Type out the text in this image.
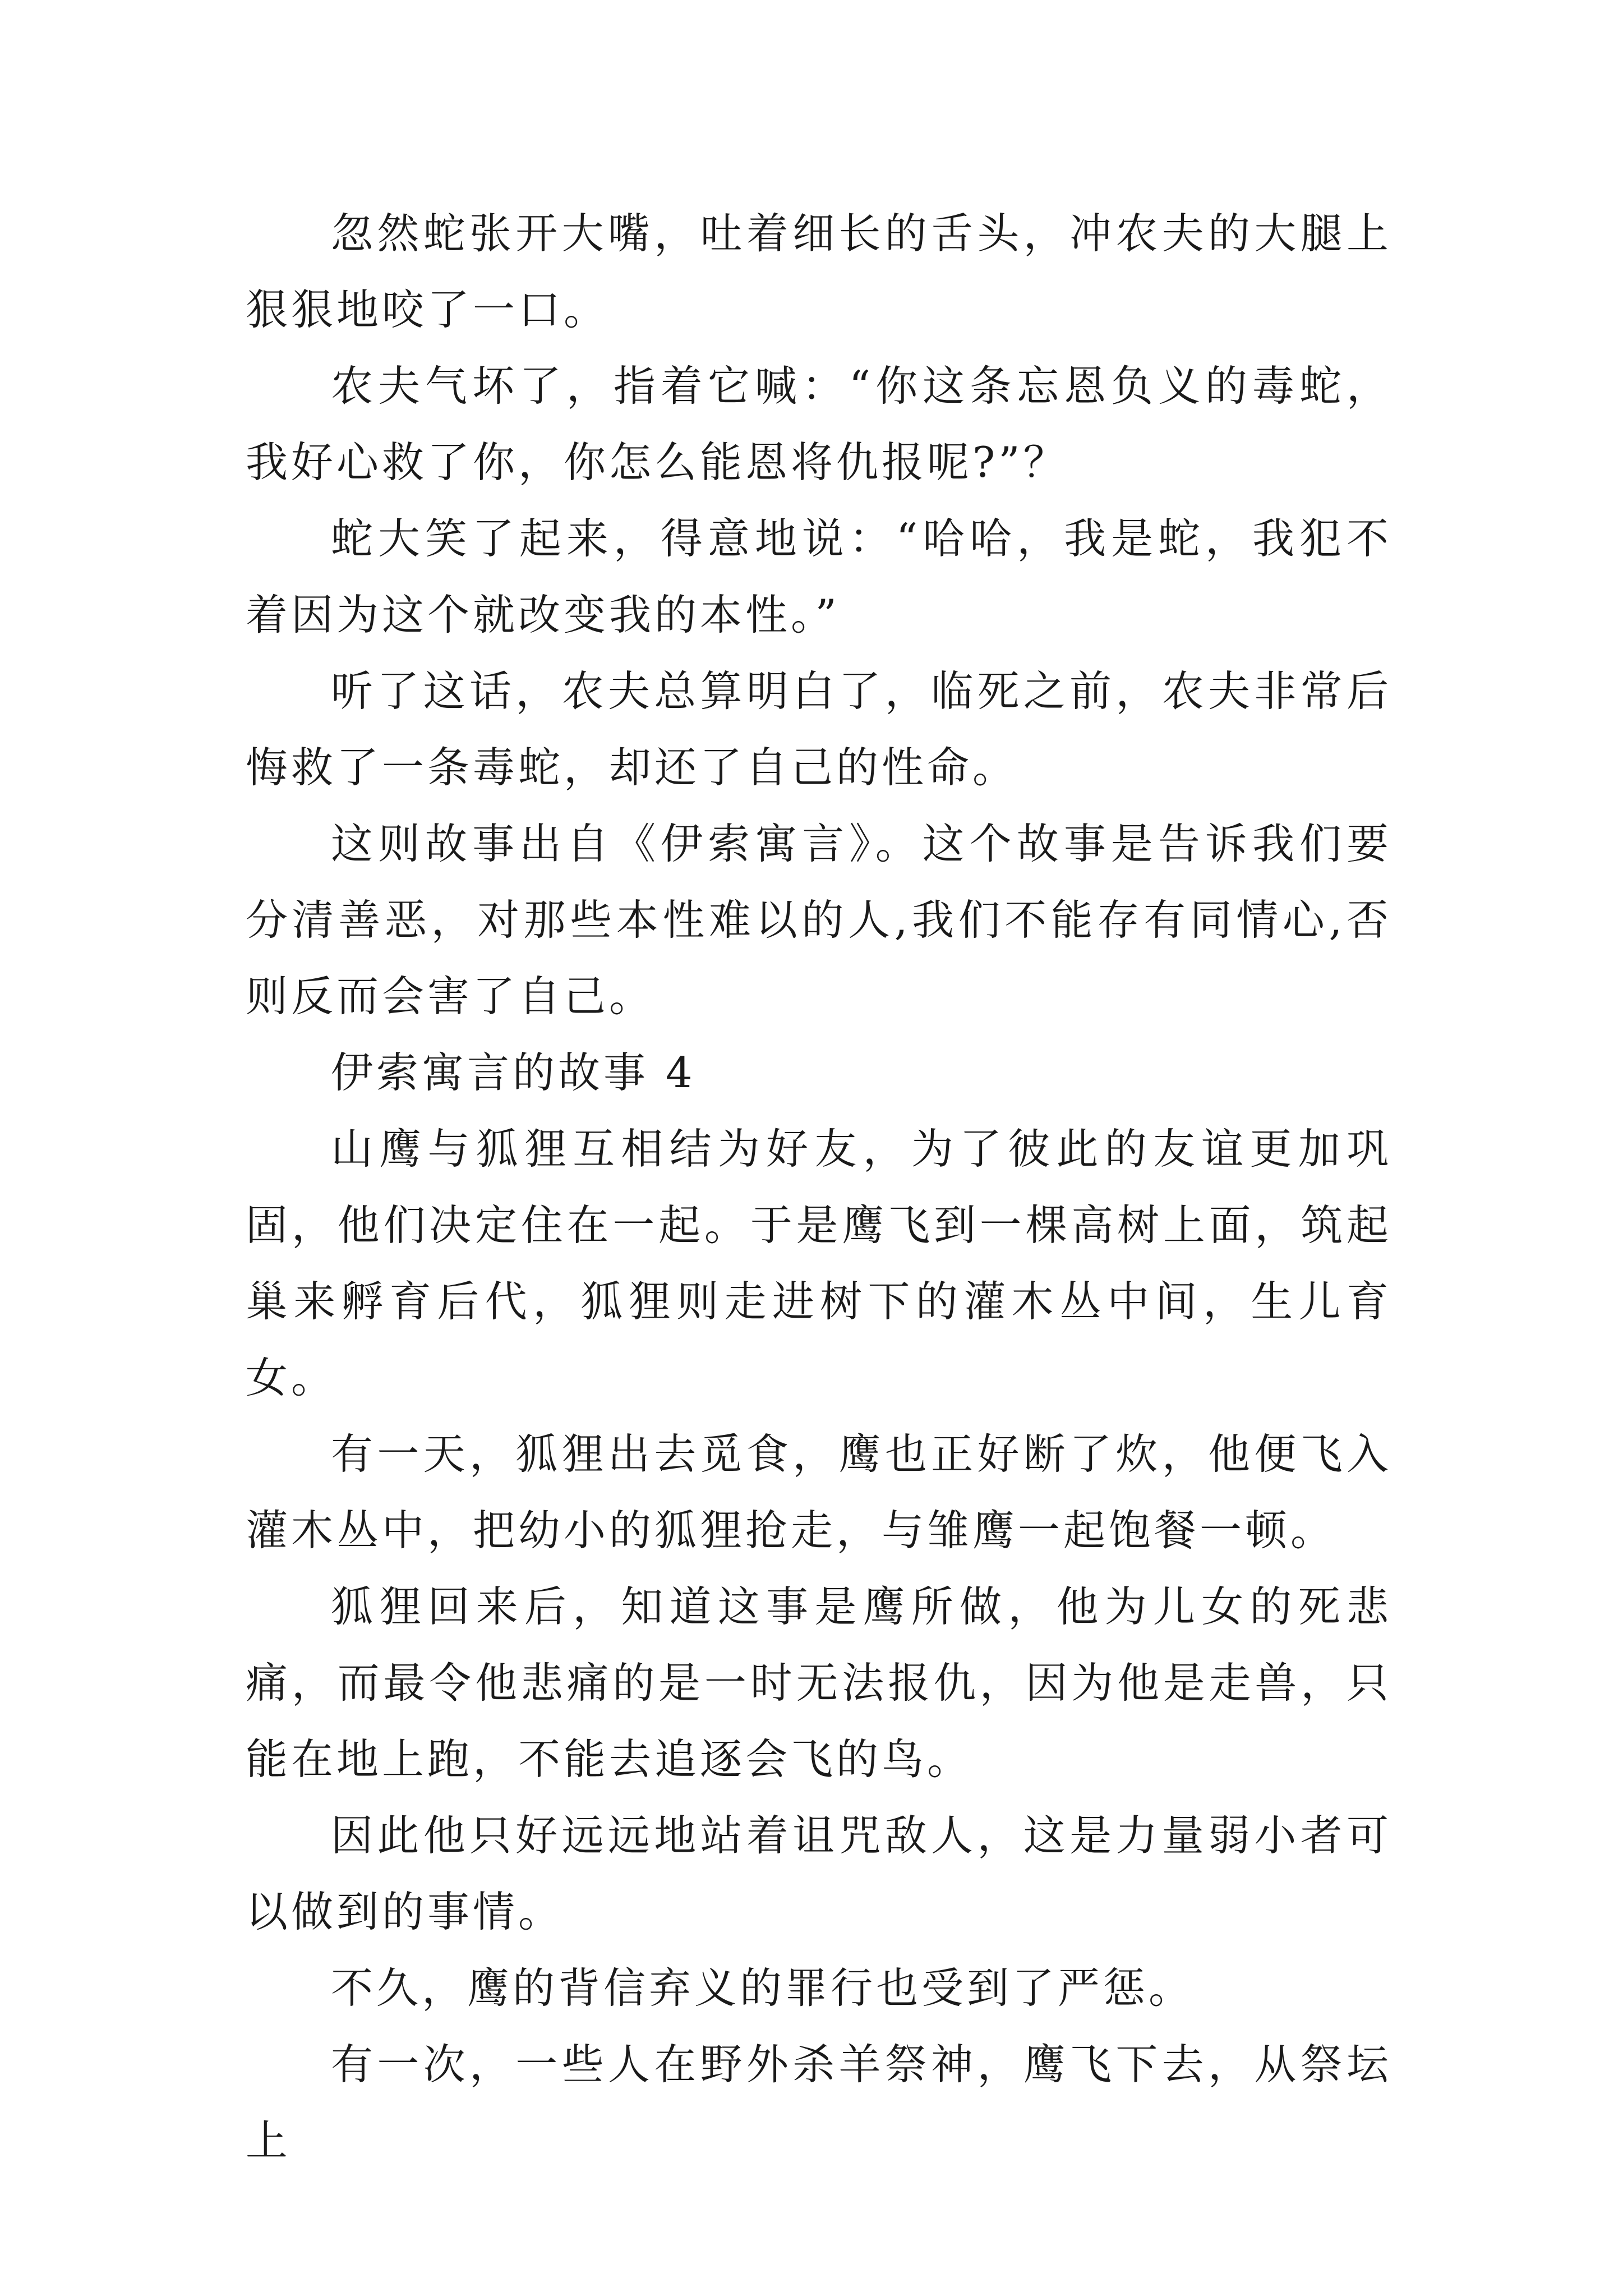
忽然蛇张开大嘴，吐着细长的舌头，冲农夫的大腿上狠狠地咬了一口。

农夫气坏了，指着它喊：“你这条忘恩负义的毒蛇，我好心救了你，你怎么能恩将仇报呢?”？

蛇大笑了起来，得意地说：“哈哈，我是蛇，我犯不着因为这个就改变我的本性。”

听了这话，农夫总算明白了，临死之前，农夫非常后悔救了一条毒蛇，却还了自己的性命。

这则故事出自《伊索寓言》。这个故事是告诉我们要分清善恶，对那些本性难以的人,我们不能存有同情心,否则反而会害了自己。

伊索寓言的故事 4

山鹰与狐狸互相结为好友，为了彼此的友谊更加巩固，他们决定住在一起。于是鹰飞到一棵高树上面，筑起巢来孵育后代，狐狸则走进树下的灌木丛中间，生儿育女。

有一天，狐狸出去觅食，鹰也正好断了炊，他便飞入灌木丛中，把幼小的狐狸抢走，与雏鹰一起饱餐一顿。

狐狸回来后，知道这事是鹰所做，他为儿女的死悲痛，而最令他悲痛的是一时无法报仇，因为他是走兽，只能在地上跑，不能去追逐会飞的鸟。

因此他只好远远地站着诅咒敌人，这是力量弱小者可以做到的事情。

不久，鹰的背信弃义的罪行也受到了严惩。

有一次，一些人在野外杀羊祭神，鹰飞下去，从祭坛上
